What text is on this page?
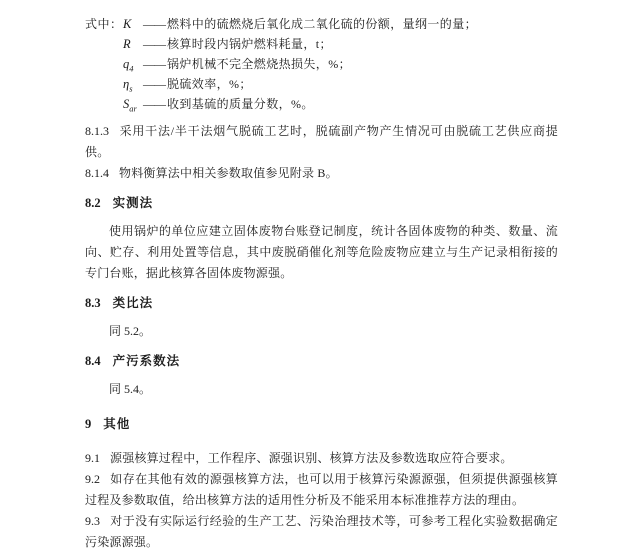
式中： K —— 燃料中的硫燃烧后氧化成二氧化硫的份额，量纲一的量；
R	—— 核算时段内锅炉燃料耗量，t；
$q_4$ —— 锅炉机械不完全燃烧热损失，%；
$\eta_s$ —— 脱硫效率，%；
$S_{ar}$ —— 收到基硫的质量分数，%。

8.1.3 采用干法/半干法烟气脱硫工艺时，脱硫副产物产生情况可由脱硫工艺供应商提供。

8.1.4 物料衡算法中相关参数取值参见附录 B。

8.2 实测法

使用锅炉的单位应建立固体废物台账登记制度，统计各固体废物的种类、数量、流向、贮存、利用处置等信息，其中废脱硝催化剂等危险废物应建立与生产记录相衔接的专门台账，据此核算各固体废物源强。

8.3 类比法

同 5.2。

8.4 产污系数法

同 5.4。

9 其他

9.1 源强核算过程中，工作程序、源强识别、核算方法及参数选取应符合要求。

9.2 如存在其他有效的源强核算方法，也可以用于核算污染源源强，但须提供源强核算过程及参数取值，给出核算方法的适用性分析及不能采用本标准推荐方法的理由。

9.3 对于没有实际运行经验的生产工艺、污染治理技术等，可参考工程化实验数据确定污染源源强。
